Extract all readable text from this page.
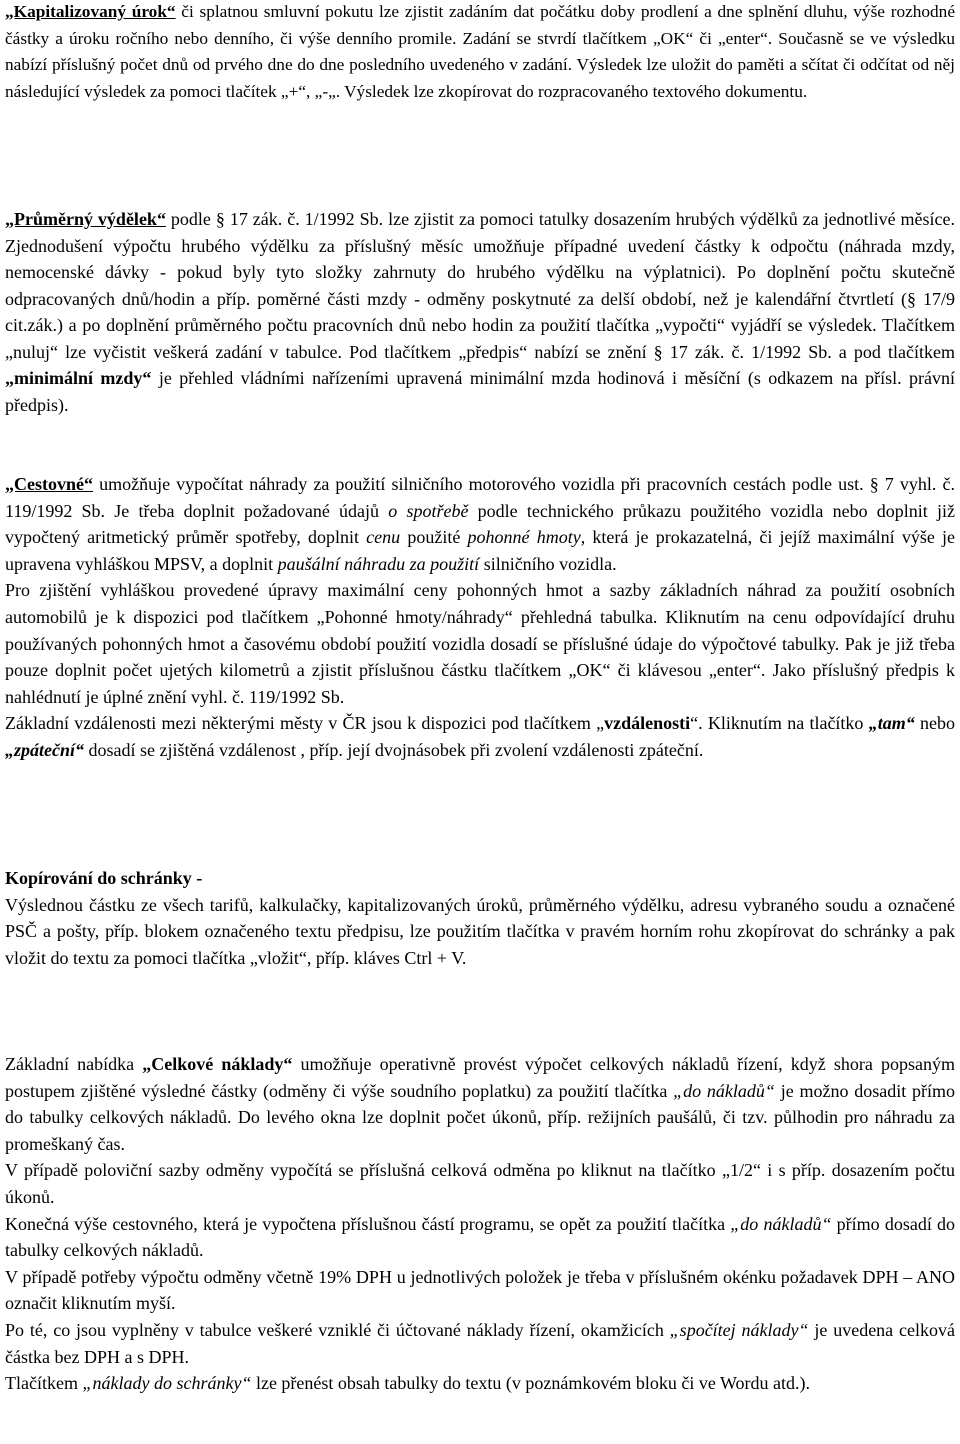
„Kapitalizovaný úrok“ či splatnou smluvní pokutu lze zjistit zadáním dat počátku doby prodlení a dne splnění dluhu, výše rozhodné částky a úroku ročního nebo denního, či výše denního promile. Zadání se stvrdí tlačítkem „OK“ či „enter“. Současně se ve výsledku nabízí příslušný počet dnů od prvého dne do dne posledního uvedeného v zadání. Výsledek lze uložit do paměti a sčítat či odčítat od něj následující výsledek za pomoci tlačítek „+“, „-„. Výsledek lze zkopírovat do rozpracovaného textového dokumentu.

„Průměrný výdělek“ podle § 17 zák. č. 1/1992 Sb. lze zjistit za pomoci tatulky dosazením hrubých výdělků za jednotlivé měsíce. Zjednodušení výpočtu hrubého výdělku za příslušný měsíc umožňuje případné uvedení částky k odpočtu (náhrada mzdy, nemocenské dávky - pokud byly tyto složky zahrnuty do hrubého výdělku na výplatnici). Po doplnění počtu skutečně odpracovaných dnů/hodin a příp. poměrné části mzdy - odměny poskytnuté za delší období, než je kalendářní čtvrtletí (§ 17/9 cit.zák.) a po doplnění průměrného počtu pracovních dnů nebo hodin za použití tlačítka „vypočti“ vyjádří se výsledek. Tlačítkem „nuluj“ lze vyčistit veškerá zadání v tabulce. Pod tlačítkem „předpis“ nabízí se znění § 17 zák. č. 1/1992 Sb. a pod tlačítkem „minimální mzdy“ je přehled vládními nařízeními upravená minimální mzda hodinová i měsíční (s odkazem na přísl. právní předpis).

„Cestovné“ umožňuje vypočítat náhrady za použití silničního motorového vozidla při pracovních cestách podle ust. § 7 vyhl. č. 119/1992 Sb. Je třeba doplnit požadované údajů o spotřebě podle technického průkazu použitého vozidla nebo doplnit již vypočtený aritmetický průměr spotřeby, doplnit cenu použité pohonné hmoty, která je prokazatelná, či jejíž maximální výše je upravena vyhláškou MPSV, a doplnit paušální náhradu za použití silničního vozidla.

Pro zjištění vyhláškou provedené úpravy maximální ceny pohonných hmot a sazby základních náhrad za použití osobních automobilů je k dispozici pod tlačítkem „Pohonné hmoty/náhrady“ přehledná tabulka. Kliknutím na cenu odpovídající druhu používaných pohonných hmot a časovému období použití vozidla dosadí se příslušné údaje do výpočtové tabulky. Pak je již třeba pouze doplnit počet ujetých kilometrů a zjistit příslušnou částku tlačítkem „OK“ či klávesou „enter“. Jako příslušný předpis k nahlédnutí je úplné znění vyhl. č. 119/1992 Sb.

Základní vzdálenosti mezi některými městy v ČR jsou k dispozici pod tlačítkem „vzdálenosti“. Kliknutím na tlačítko „tam“ nebo „zpáteční“ dosadí se zjištěná vzdálenost , příp. její dvojnásobek při zvolení vzdálenosti zpáteční.

Kopírování do schránky -

Výslednou částku ze všech tarifů, kalkulačky, kapitalizovaných úroků, průměrného výdělku, adresu vybraného soudu a označené PSČ a pošty, příp. blokem označeného textu předpisu, lze použitím tlačítka v pravém horním rohu zkopírovat do schránky a pak vložit do textu za pomoci tlačítka „vložit“, příp. kláves Ctrl + V.

Základní nabídka „Celkové náklady“ umožňuje operativně provést výpočet celkových nákladů řízení, když shora popsaným postupem zjištěné výsledné částky (odměny či výše soudního poplatku) za použití tlačítka „do nákladů“ je možno dosadit přímo do tabulky celkových nákladů. Do levého okna lze doplnit počet úkonů, příp. režijních paušálů, či tzv. půlhodin pro náhradu za promeškaný čas.

V případě poloviční sazby odměny vypočítá se příslušná celková odměna po kliknut na tlačítko „1/2“ i s příp. dosazením počtu úkonů.

Konečná výše cestovného, která je vypočtena příslušnou částí programu, se opět za použití tlačítka „do nákladů“ přímo dosadí do tabulky celkových nákladů.

V případě potřeby výpočtu odměny včetně 19% DPH u jednotlivých položek je třeba v příslušném okénku požadavek DPH – ANO označit kliknutím myší.

Po té, co jsou vyplněny v tabulce veškeré vzniklé či účtované náklady řízení, okamžicích „spočítej náklady“ je uvedena celková částka bez DPH a s DPH.

Tlačítkem „náklady do schránky“ lze přenést obsah tabulky do textu (v poznámkovém bloku či ve Wordu atd.).
